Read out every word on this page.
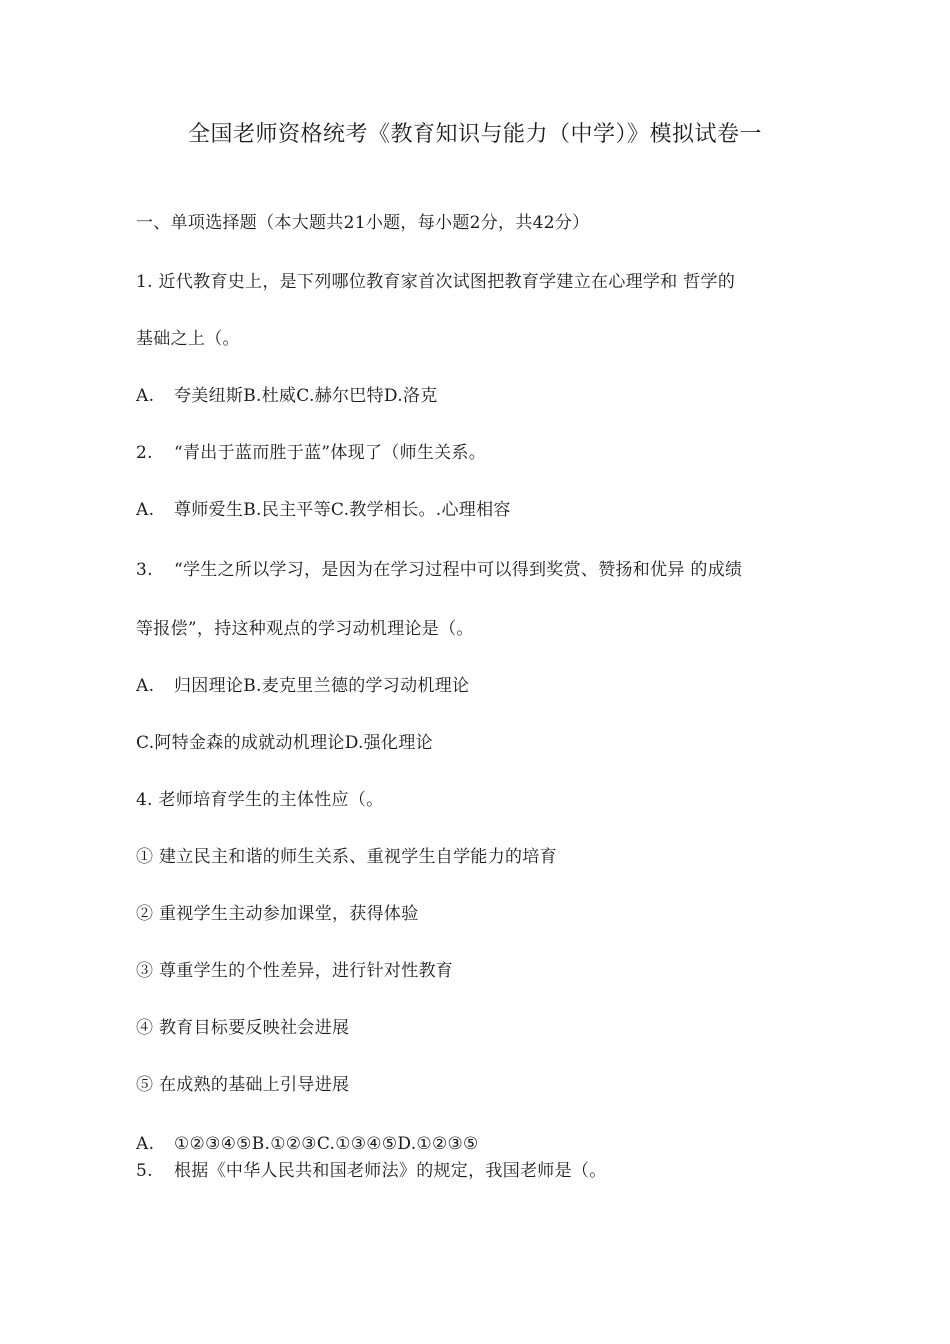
全国老师资格统考《教育知识与能力（中学）》模拟试卷一
一、单项选择题（本大题共21小题，每小题2分，共42分）
1. 近代教育史上，是下列哪位教育家首次试图把教育学建立在心理学和 哲学的
基础之上（。
A. 夸美纽斯B.杜威C.赫尔巴特D.洛克
2. “青出于蓝而胜于蓝”体现了（师生关系。
A. 尊师爱生B.民主平等C.教学相长。.心理相容
3. “学生之所以学习，是因为在学习过程中可以得到奖赏、赞扬和优异 的成绩
等报偿”，持这种观点的学习动机理论是（。
A. 归因理论B.麦克里兰德的学习动机理论
C.阿特金森的成就动机理论D.强化理论
4. 老师培育学生的主体性应（。
① 建立民主和谐的师生关系、重视学生自学能力的培育
② 重视学生主动参加课堂，获得体验
③ 尊重学生的个性差异，进行针对性教育
④ 教育目标要反映社会进展
⑤ 在成熟的基础上引导进展
A. ①②③④⑤B.①②③C.①③④⑤D.①②③⑤
5. 根据《中华人民共和国老师法》的规定，我国老师是（。
